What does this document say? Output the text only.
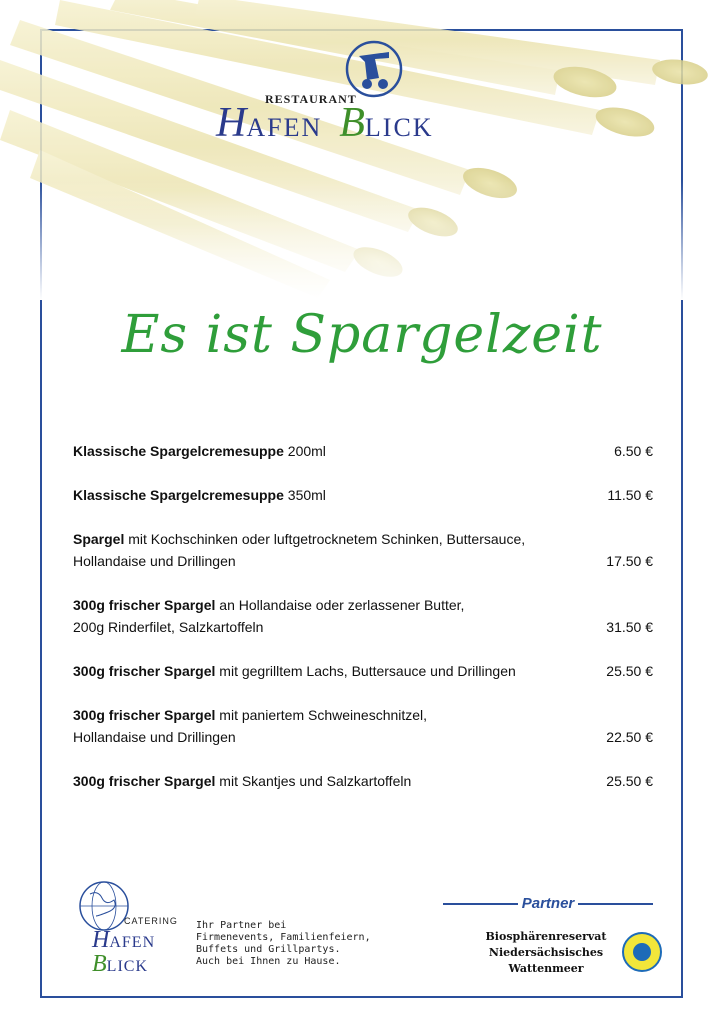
RESTAURANT
HAFEN BLICK
Es ist Spargelzeit
Klassische Spargelcremesuppe 200ml	6.50 €
Klassische Spargelcremesuppe 350ml	11.50 €
Spargel mit Kochschinken oder luftgetrocknetem Schinken, Buttersauce,
Hollandaise und Drillingen	17.50 €
300g frischer Spargel an Hollandaise oder zerlassener Butter,
200g Rinderfilet, Salzkartoffeln	31.50 €
300g frischer Spargel mit gegrilltem Lachs, Buttersauce und Drillingen	25.50 €
300g frischer Spargel mit paniertem Schweineschnitzel,
Hollandaise und Drillingen	22.50 €
300g frischer Spargel mit Skantjes und Salzkartoffeln	25.50 €
CATERING
HAFEN
BLICK
Ihr Partner bei
Firmenevents, Familienfeiern,
Buffets und Grillpartys.
Auch bei Ihnen zu Hause.
Partner
Biosphärenreservat
Niedersächsisches
Wattenmeer
